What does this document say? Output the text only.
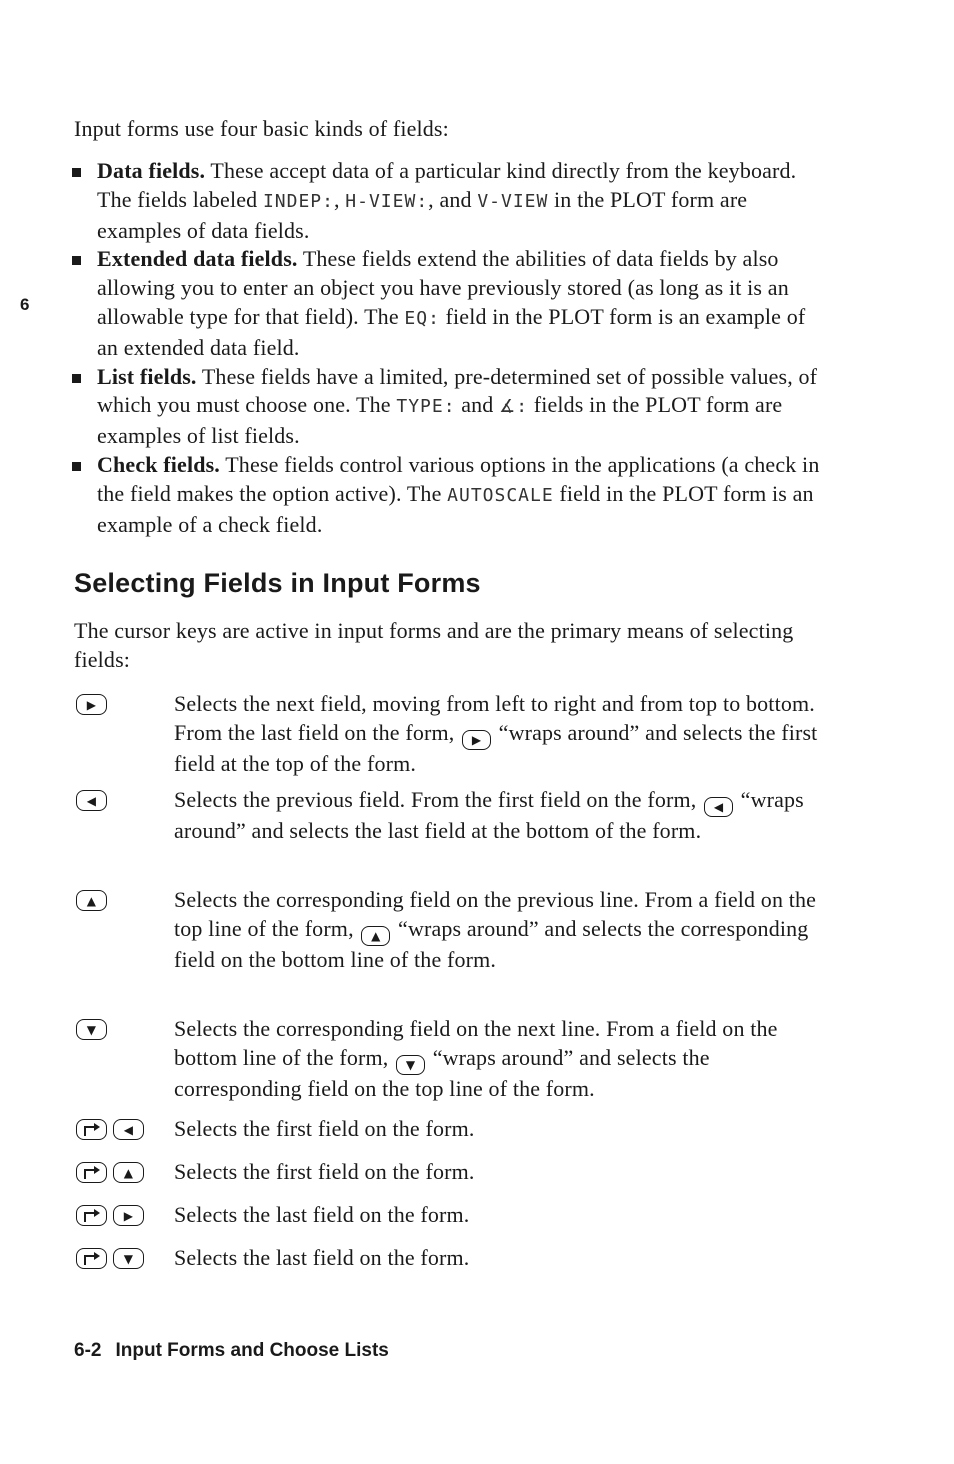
6

Input forms use four basic kinds of fields:

Data fields. These accept data of a particular kind directly from the keyboard. The fields labeled INDEP:, H-VIEW:, and V-VIEW in the PLOT form are examples of data fields.
Extended data fields. These fields extend the abilities of data fields by also allowing you to enter an object you have previously stored (as long as it is an allowable type for that field). The EQ: field in the PLOT form is an example of an extended data field.
List fields. These fields have a limited, pre-determined set of possible values, of which you must choose one. The TYPE: and ∡: fields in the PLOT form are examples of list fields.
Check fields. These fields control various options in the applications (a check in the field makes the option active). The AUTOSCALE field in the PLOT form is an example of a check field.
Selecting Fields in Input Forms

The cursor keys are active in input forms and are the primary means of selecting fields:

▶	Selects the next field, moving from left to right and from top to bottom. From the last field on the form, ▶ “wraps around” and selects the first field at the top of the form.
◀	Selects the previous field. From the first field on the form, ◀ “wraps around” and selects the last field at the bottom of the form.
▲	Selects the corresponding field on the previous line. From a field on the top line of the form, ▲ “wraps around” and selects the corresponding field on the bottom line of the form.
▼	Selects the corresponding field on the next line. From a field on the bottom line of the form, ▼ “wraps around” and selects the corresponding field on the top line of the form.
◀	Selects the first field on the form.
▲	Selects the first field on the form.
▶	Selects the last field on the form.
▼	Selects the last field on the form.
6-2 Input Forms and Choose Lists
